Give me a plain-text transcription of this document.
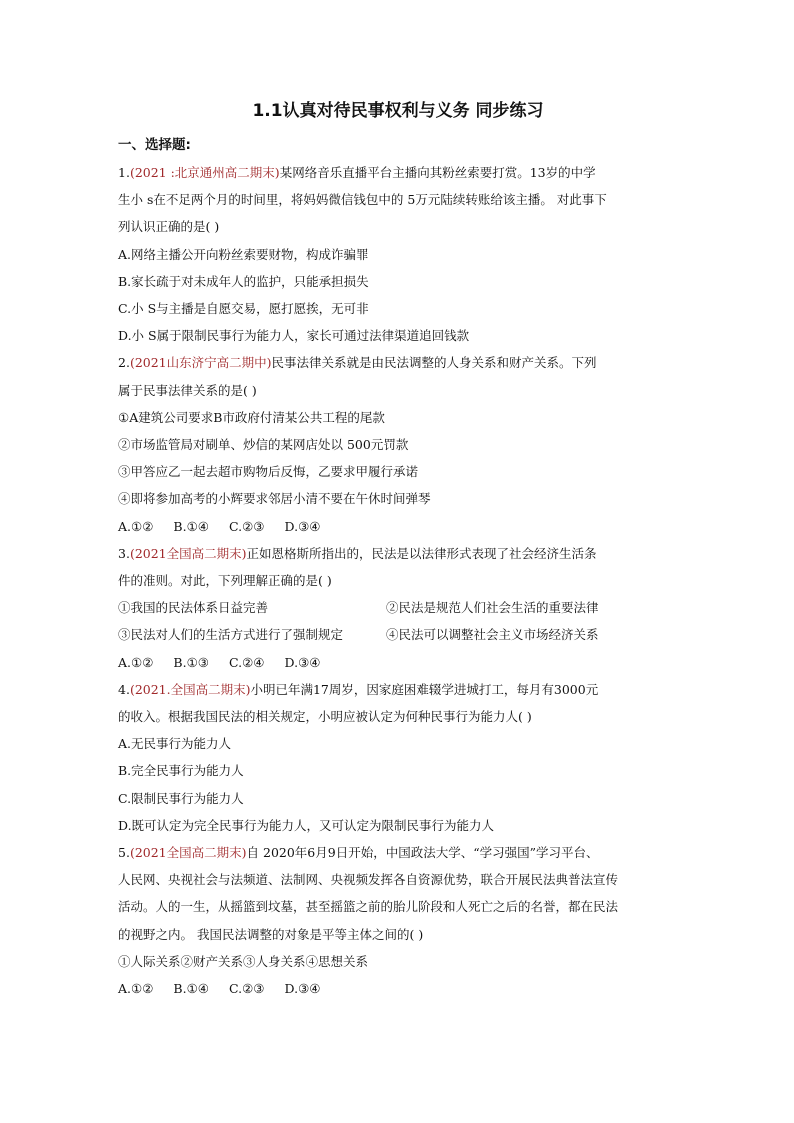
1.1认真对待民事权利与义务 同步练习
一、选择题:
1.(2021 :北京通州高二期末)某网络音乐直播平台主播向其粉丝索要打赏。13岁的中学
生小 s在不足两个月的时间里，将妈妈微信钱包中的 5万元陆续转账给该主播。 对此事下
列认识正确的是( )
A.网络主播公开向粉丝索要财物，构成诈骗罪
B.家长疏于对未成年人的监护，只能承担损失
C.小 S与主播是自愿交易，愿打愿挨，无可非
D.小 S属于限制民事行为能力人，家长可通过法律渠道追回钱款
2.(2021山东济宁高二期中)民事法律关系就是由民法调整的人身关系和财产关系。下列
属于民事法律关系的是( )
①A建筑公司要求B市政府付清某公共工程的尾款
②市场监管局对刷单、炒信的某网店处以 500元罚款
③甲答应乙一起去超市购物后反悔，乙要求甲履行承诺
④即将参加高考的小辉要求邻居小清不要在午休时间弹琴
A.①② B.①④ C.②③ D.③④
3.(2021全国高二期末)正如恩格斯所指出的，民法是以法律形式表现了社会经济生活条
件的准则。对此，下列理解正确的是( )
①我国的民法体系日益完善	②民法是规范人们社会生活的重要法律
③民法对人们的生活方式进行了强制规定	④民法可以调整社会主义市场经济关系
A.①② B.①③ C.②④ D.③④
4.(2021.全国高二期末)小明已年满17周岁，因家庭困难辍学进城打工，每月有3000元
的收入。根据我国民法的相关规定，小明应被认定为何种民事行为能力人( )
A.无民事行为能力人
B.完全民事行为能力人
C.限制民事行为能力人
D.既可认定为完全民事行为能力人，又可认定为限制民事行为能力人
5.(2021全国高二期末)自 2020年6月9日开始，中国政法大学、“学习强国”学习平台、
人民网、央视社会与法频道、法制网、央视频发挥各自资源优势，联合开展民法典普法宣传
活动。人的一生，从摇篮到坟墓，甚至摇篮之前的胎儿阶段和人死亡之后的名誉，都在民法
的视野之内。 我国民法调整的对象是平等主体之间的( )
①人际关系②财产关系③人身关系④思想关系
A.①② B.①④ C.②③ D.③④
